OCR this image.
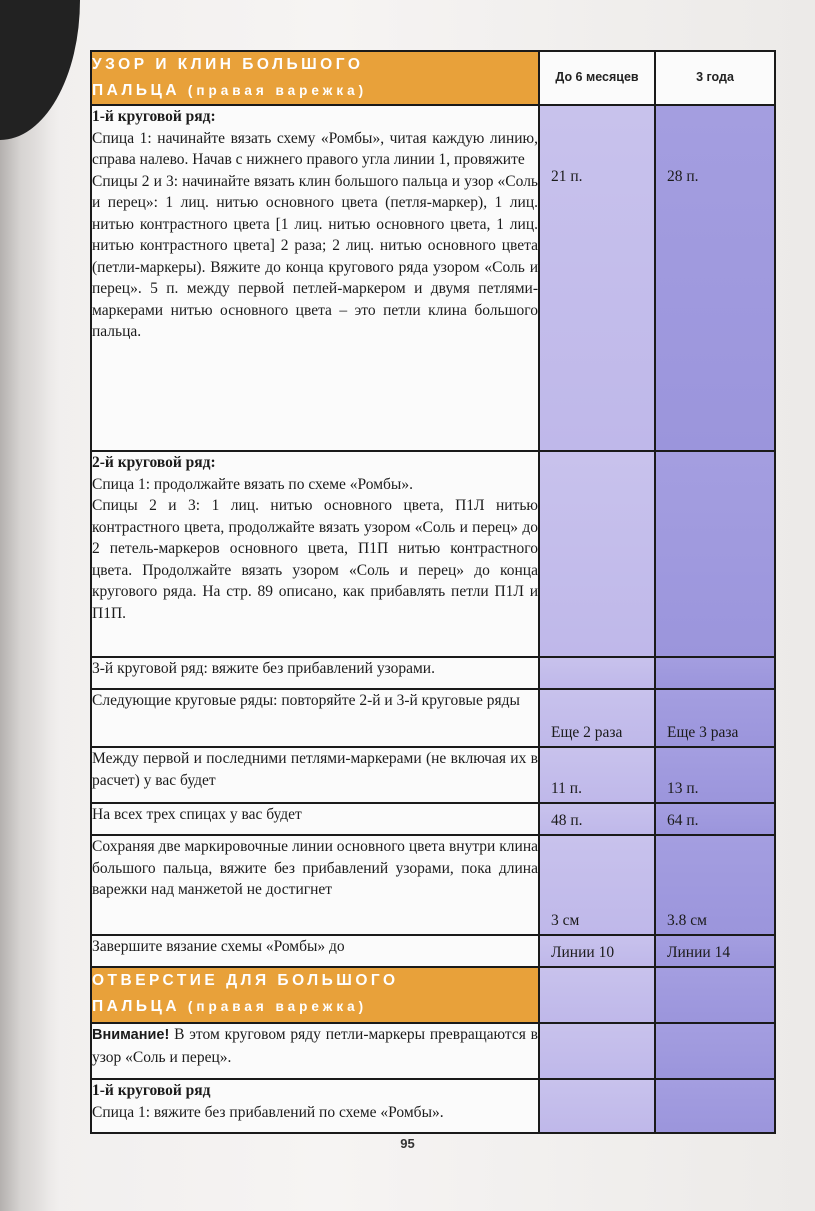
УЗОР И КЛИН БОЛЬШОГО
ПАЛЬЦА (правая варежка)	До 6 месяцев	3 года

1-й круговой ряд:
Спица 1: начинайте вязать схему «Ромбы», читая каждую линию, справа налево. Начав с нижнего правого угла линии 1, провяжите
Спицы 2 и 3: начинайте вязать клин большого пальца и узор «Соль и перец»: 1 лиц. нитью основного цвета (петля-маркер), 1 лиц. нитью контрастного цвета [1 лиц. нитью основного цвета, 1 лиц. нитью контрастного цвета] 2 раза; 2 лиц. нитью основного цвета (петли-маркеры). Вяжите до конца кругового ряда узором «Соль и перец». 5 п. между первой петлей-маркером и двумя петлями-маркерами нитью основного цвета – это петли клина большого пальца.	21 п.	28 п.

2-й круговой ряд:
Спица 1: продолжайте вязать по схеме «Ромбы».
Спицы 2 и 3: 1 лиц. нитью основного цвета, П1Л нитью контрастного цвета, продолжайте вязать узором «Соль и перец» до 2 петель-маркеров основного цвета, П1П нитью контрастного цвета. Продолжайте вязать узором «Соль и перец» до конца кругового ряда. На стр. 89 описано, как прибавлять петли П1Л и П1П.		

3-й круговой ряд: вяжите без прибавлений узорами.		
Следующие круговые ряды: повторяйте 2-й и 3-й круговые ряды	Еще 2 раза	Еще 3 раза

Между первой и последними петлями-маркерами (не включая их в расчет) у вас будет	11 п.	13 п.

На всех трех спицах у вас будет	48 п.	64 п.

Сохраняя две маркировочные линии основного цвета внутри клина большого пальца, вяжите без прибавлений узорами, пока длина варежки над манжетой не достигнет	3 см	3.8 см

Завершите вязание схемы «Ромбы» до	Линии 10	Линии 14

ОТВЕРСТИЕ ДЛЯ БОЛЬШОГО
ПАЛЬЦА (правая варежка)		

Внимание! В этом круговом ряду петли-маркеры превращаются в узор «Соль и перец».		

1-й круговой ряд
Спица 1: вяжите без прибавлений по схеме «Ромбы».		

95
